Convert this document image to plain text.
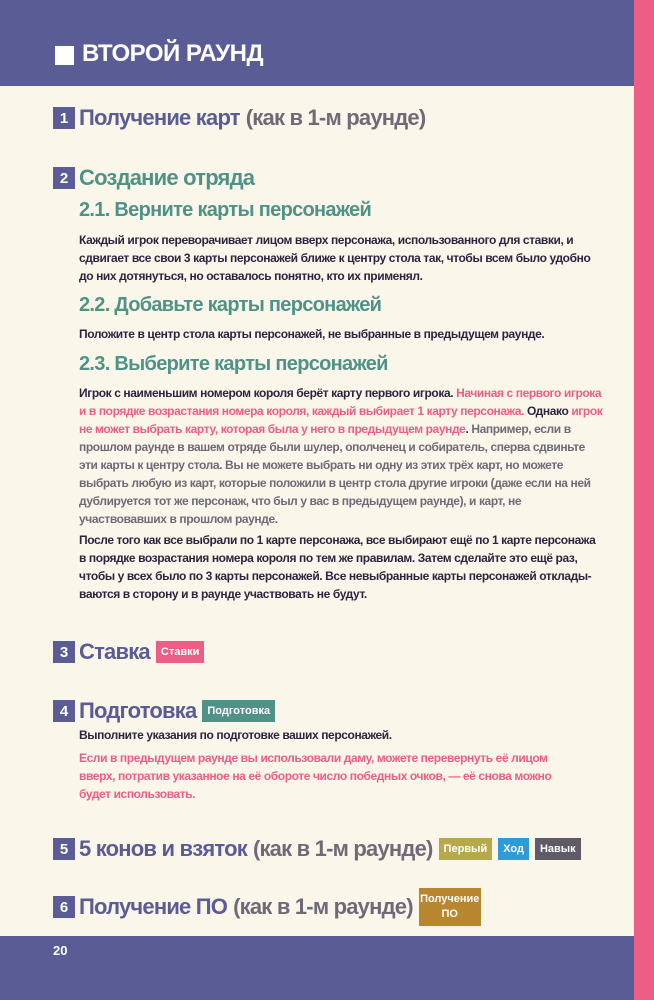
ВТОРОЙ РАУНД
1 Получение карт (как в 1-м раунде)
2 Создание отряда
2.1. Верните карты персонажей
Каждый игрок переворачивает лицом вверх персонажа, использованного для ставки, и сдвигает все свои 3 карты персонажей ближе к центру стола так, чтобы всем было удобно до них дотянуться, но оставалось понятно, кто их применял.
2.2. Добавьте карты персонажей
Положите в центр стола карты персонажей, не выбранные в предыдущем раунде.
2.3. Выберите карты персонажей
Игрок с наименьшим номером короля берёт карту первого игрока. Начиная с первого игрока и в порядке возрастания номера короля, каждый выбирает 1 карту персонажа. Однако игрок не может выбрать карту, которая была у него в предыдущем раунде. Например, если в прошлом раунде в вашем отряде были шулер, ополченец и собиратель, сперва сдвиньте эти карты к центру стола. Вы не можете выбрать ни одну из этих трёх карт, но можете выбрать любую из карт, которые положили в центр стола другие игроки (даже если на ней дублируется тот же персонаж, что был у вас в предыдущем раунде), и карт, не участвовавших в прошлом раунде.
После того как все выбрали по 1 карте персонажа, все выбирают ещё по 1 карте персонажа в порядке возрастания номера короля по тем же правилам. Затем сделайте это ещё раз, чтобы у всех было по 3 карты персонажей. Все невыбранные карты персонажей отклады-ваются в сторону и в раунде участвовать не будут.
3 Ставка	Ставки
4 Подготовка	Подготовка
Выполните указания по подготовке ваших персонажей.
Если в предыдущем раунде вы использовали даму, можете перевернуть её лицом вверх, потратив указанное на её обороте число победных очков, — её снова можно будет использовать.
5 5 конов и взяток (как в 1-м раунде)	Первый	Ход	Навык
6 Получение ПО (как в 1-м раунде) Получение ПО
20
